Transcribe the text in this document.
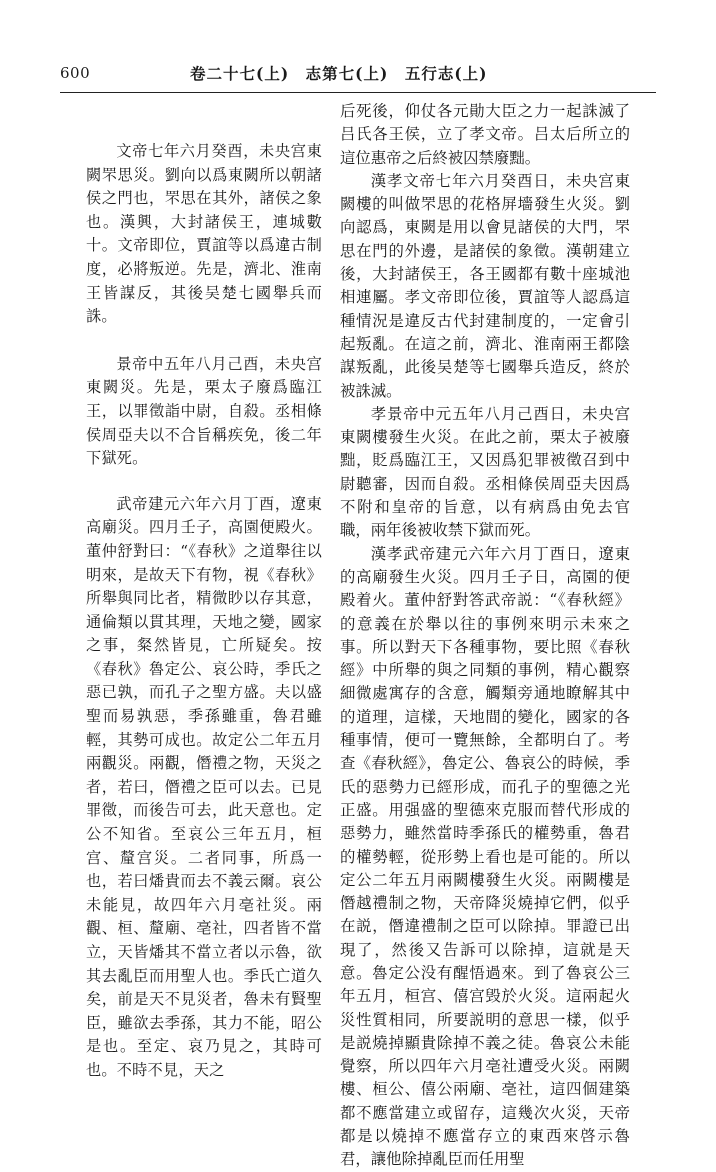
600	卷二十七(上)　志第七(上)　五行志(上)

文帝七年六月癸酉，未央宫東闕罘思災。劉向以爲東闕所以朝諸侯之門也，罘思在其外，諸侯之象也。漢興，大封諸侯王，連城數十。文帝即位，賈誼等以爲違古制度，必將叛逆。先是，濟北、淮南王皆謀反，其後吴楚七國舉兵而誅。

景帝中五年八月己酉，未央宫東闕災。先是，栗太子廢爲臨江王，以罪徵詣中尉，自殺。丞相條侯周亞夫以不合旨稱疾免，後二年下獄死。

武帝建元六年六月丁酉，遼東高廟災。四月壬子，高園便殿火。董仲舒對曰：“《春秋》之道舉往以明來，是故天下有物，視《春秋》所舉與同比者，精微眇以存其意，通倫類以貫其理，天地之變，國家之事，粲然皆見，亡所疑矣。按《春秋》魯定公、哀公時，季氏之惡已孰，而孔子之聖方盛。夫以盛聖而易孰惡，季孫雖重，魯君雖輕，其勢可成也。故定公二年五月兩觀災。兩觀，僭禮之物，天災之者，若曰，僭禮之臣可以去。已見罪徵，而後告可去，此天意也。定公不知省。至哀公三年五月，桓宫、釐宫災。二者同事，所爲一也，若曰燔貴而去不義云爾。哀公未能見，故四年六月亳社災。兩觀、桓、釐廟、亳社，四者皆不當立，天皆燔其不當立者以示魯，欲其去亂臣而用聖人也。季氏亡道久矣，前是天不見災者，魯未有賢聖臣，雖欲去季孫，其力不能，昭公是也。至定、哀乃見之，其時可也。不時不見，天之

后死後，仰仗各元勛大臣之力一起誅滅了吕氏各王侯，立了孝文帝。吕太后所立的這位惠帝之后終被囚禁廢黜。

漢孝文帝七年六月癸酉日，未央宫東闕樓的叫做罘思的花格屏墻發生火災。劉向認爲，東闕是用以會見諸侯的大門，罘思在門的外邊，是諸侯的象徵。漢朝建立後，大封諸侯王，各王國都有數十座城池相連屬。孝文帝即位後，賈誼等人認爲這種情況是違反古代封建制度的，一定會引起叛亂。在這之前，濟北、淮南兩王都陰謀叛亂，此後吴楚等七國舉兵造反，終於被誅滅。

孝景帝中元五年八月己酉日，未央宫東闕樓發生火災。在此之前，栗太子被廢黜，貶爲臨江王，又因爲犯罪被徵召到中尉聽審，因而自殺。丞相條侯周亞夫因爲不附和皇帝的旨意，以有病爲由免去官職，兩年後被收禁下獄而死。

漢孝武帝建元六年六月丁酉日，遼東的高廟發生火災。四月壬子日，高園的便殿着火。董仲舒對答武帝説：“《春秋經》的意義在於舉以往的事例來明示未來之事。所以對天下各種事物，要比照《春秋經》中所舉的與之同類的事例，精心觀察細微處寓存的含意，觸類旁通地瞭解其中的道理，這樣，天地間的變化，國家的各種事情，便可一覽無餘，全都明白了。考查《春秋經》，魯定公、魯哀公的時候，季氏的惡勢力已經形成，而孔子的聖德之光正盛。用强盛的聖德來克服而替代形成的惡勢力，雖然當時季孫氏的權勢重，魯君的權勢輕，從形勢上看也是可能的。所以定公二年五月兩闕樓發生火災。兩闕樓是僭越禮制之物，天帝降災燒掉它們，似乎在説，僭違禮制之臣可以除掉。罪證已出現了，然後又告訴可以除掉，這就是天意。魯定公没有醒悟過來。到了魯哀公三年五月，桓宫、僖宫毁於火災。這兩起火災性質相同，所要説明的意思一樣，似乎是説燒掉顯貴除掉不義之徒。魯哀公未能覺察，所以四年六月亳社遭受火災。兩闕樓、桓公、僖公兩廟、亳社，這四個建築都不應當建立或留存，這幾次火災，天帝都是以燒掉不應當存立的東西來啓示魯君，讓他除掉亂臣而任用聖
